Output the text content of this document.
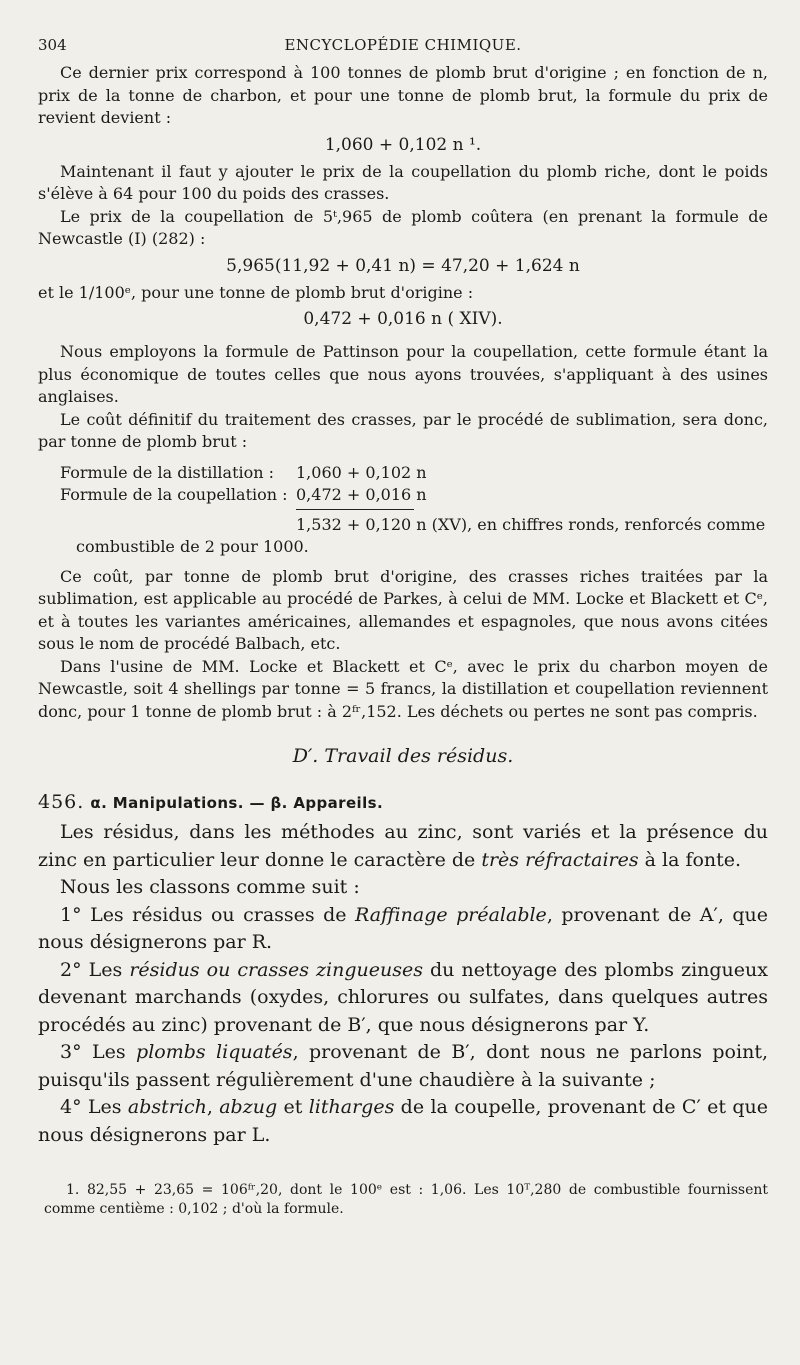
304	ENCYCLOPÉDIE CHIMIQUE.

Ce dernier prix correspond à 100 tonnes de plomb brut d'origine ; en fonction de n, prix de la tonne de charbon, et pour une tonne de plomb brut, la formule du prix de revient devient :

1,060 + 0,102 n ¹.

Maintenant il faut y ajouter le prix de la coupellation du plomb riche, dont le poids s'élève à 64 pour 100 du poids des crasses.

Le prix de la coupellation de 5ᵗ,965 de plomb coûtera (en prenant la formule de Newcastle (I) (282) :

5,965(11,92 + 0,41 n) = 47,20 + 1,624 n

et le 1/100ᵉ, pour une tonne de plomb brut d'origine :

0,472 + 0,016 n ( XIV).

Nous employons la formule de Pattinson pour la coupellation, cette formule étant la plus économique de toutes celles que nous ayons trouvées, s'appliquant à des usines anglaises.

Le coût définitif du traitement des crasses, par le procédé de sublimation, sera donc, par tonne de plomb brut :

Formule de la distillation :	1,060 + 0,102 n
Formule de la coupellation : 0,472 + 0,016 n
1,532 + 0,120 n (XV), en chiffres ronds, renforcés comme
combustible de 2 pour 1000.

Ce coût, par tonne de plomb brut d'origine, des crasses riches traitées par la sublimation, est applicable au procédé de Parkes, à celui de MM. Locke et Blackett et Cᵉ, et à toutes les variantes américaines, allemandes et espagnoles, que nous avons citées sous le nom de procédé Balbach, etc.

Dans l'usine de MM. Locke et Blackett et Cᵉ, avec le prix du charbon moyen de Newcastle, soit 4 shellings par tonne = 5 francs, la distillation et coupellation reviennent donc, pour 1 tonne de plomb brut : à 2ᶠʳ,152. Les déchets ou pertes ne sont pas compris.

D′. Travail des résidus.
456. α. Manipulations. — β. Appareils.

Les résidus, dans les méthodes au zinc, sont variés et la présence du zinc en particulier leur donne le caractère de très réfractaires à la fonte.

Nous les classons comme suit :

1° Les résidus ou crasses de Raffinage préalable, provenant de A′, que nous désignerons par R.

2° Les résidus ou crasses zingueuses du nettoyage des plombs zingueux devenant marchands (oxydes, chlorures ou sulfates, dans quelques autres procédés au zinc) provenant de B′, que nous désignerons par Y.

3° Les plombs liquatés, provenant de B′, dont nous ne parlons point, puisqu'ils passent régulièrement d'une chaudière à la suivante ;

4° Les abstrich, abzug et litharges de la coupelle, provenant de C′ et que nous désignerons par L.

1. 82,55 + 23,65 = 106ᶠʳ,20, dont le 100ᵉ est : 1,06. Les 10ᵀ,280 de combustible fournissent comme centième : 0,102 ; d'où la formule.
